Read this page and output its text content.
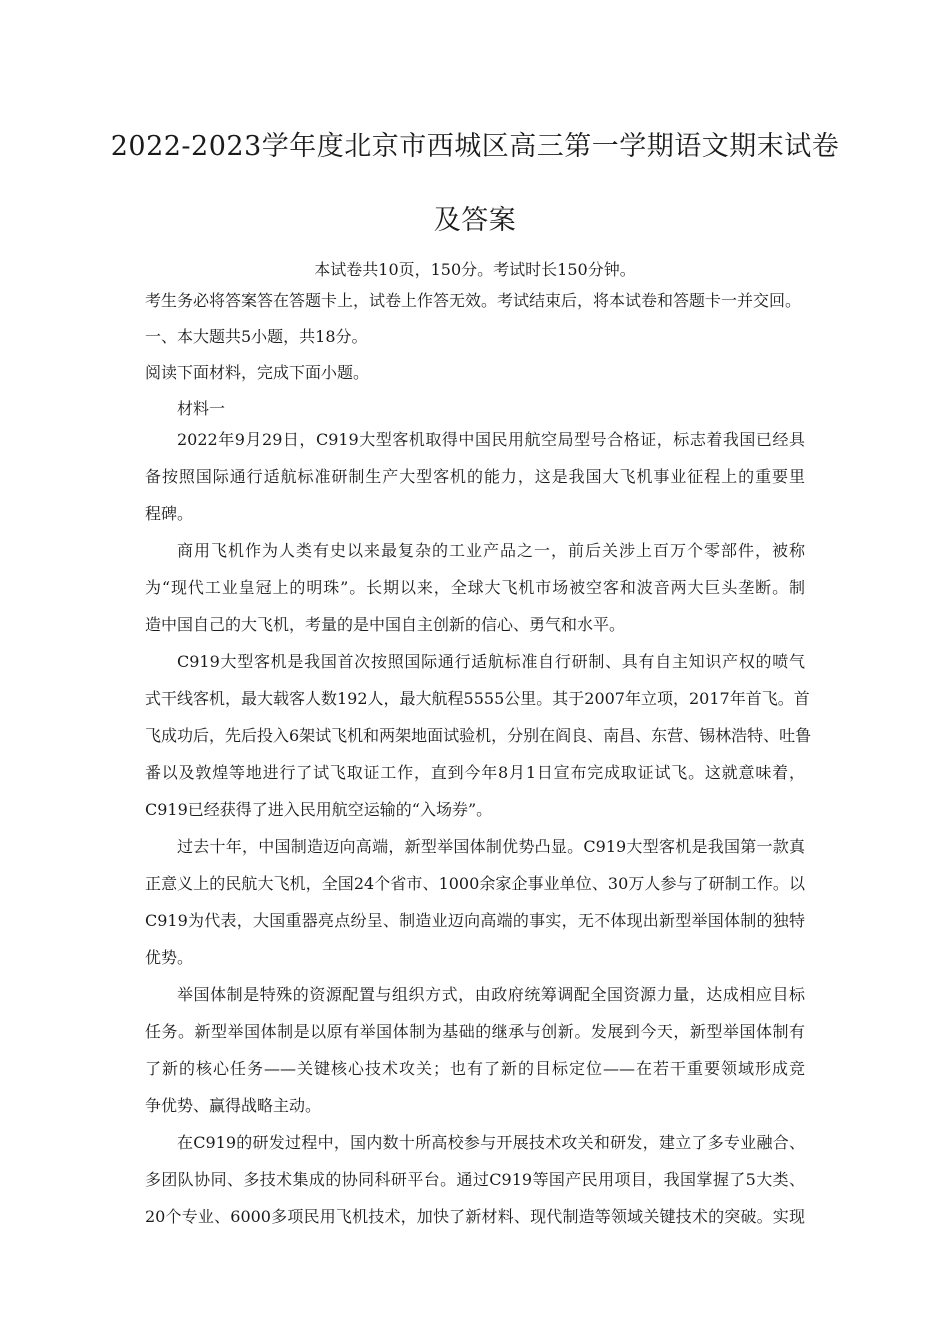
2022-2023学年度北京市西城区高三第一学期语文期末试卷
及答案
本试卷共10页，150分。考试时长150分钟。
考生务必将答案答在答题卡上，试卷上作答无效。考试结束后，将本试卷和答题卡一并交回。
一、本大题共5小题，共18分。
阅读下面材料，完成下面小题。
材料一
2022年9月29日，C919大型客机取得中国民用航空局型号合格证，标志着我国已经具
备按照国际通行适航标准研制生产大型客机的能力，这是我国大飞机事业征程上的重要里
程碑。
商用飞机作为人类有史以来最复杂的工业产品之一，前后关涉上百万个零部件，被称
为“现代工业皇冠上的明珠”。长期以来，全球大飞机市场被空客和波音两大巨头垄断。制
造中国自己的大飞机，考量的是中国自主创新的信心、勇气和水平。
C919大型客机是我国首次按照国际通行适航标准自行研制、具有自主知识产权的喷气
式干线客机，最大载客人数192人，最大航程5555公里。其于2007年立项，2017年首飞。首
飞成功后，先后投入6架试飞机和两架地面试验机，分别在阎良、南昌、东营、锡林浩特、吐鲁
番以及敦煌等地进行了试飞取证工作，直到今年8月1日宣布完成取证试飞。这就意味着，
C919已经获得了进入民用航空运输的“入场券”。
过去十年，中国制造迈向高端，新型举国体制优势凸显。C919大型客机是我国第一款真
正意义上的民航大飞机，全国24个省市、1000余家企事业单位、30万人参与了研制工作。以
C919为代表，大国重器亮点纷呈、制造业迈向高端的事实，无不体现出新型举国体制的独特
优势。
举国体制是特殊的资源配置与组织方式，由政府统筹调配全国资源力量，达成相应目标
任务。新型举国体制是以原有举国体制为基础的继承与创新。发展到今天，新型举国体制有
了新的核心任务——关键核心技术攻关；也有了新的目标定位——在若干重要领域形成竞
争优势、赢得战略主动。
在C919的研发过程中，国内数十所高校参与开展技术攻关和研发，建立了多专业融合、
多团队协同、多技术集成的协同科研平台。通过C919等国产民用项目，我国掌握了5大类、
20个专业、6000多项民用飞机技术，加快了新材料、现代制造等领域关键技术的突破。实现
